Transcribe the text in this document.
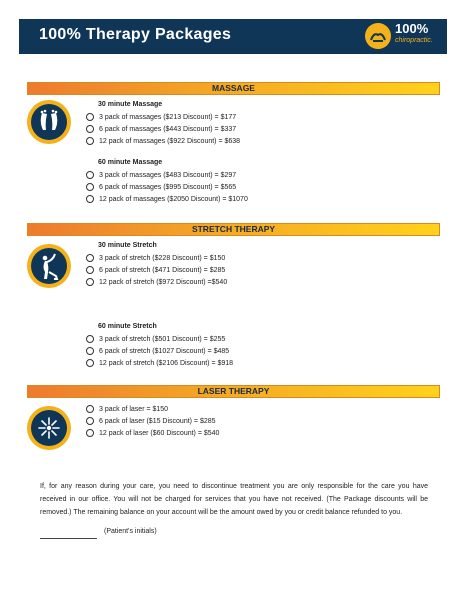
100% Therapy Packages	100%
chiropractic.
MASSAGE
30 minute Massage
3 pack of massages ($213 Discount) = $177
6 pack of massages ($443 Discount) = $337
12 pack of massages ($922 Discount) = $638
60 minute Massage
3 pack of massages ($483 Discount) = $297
6 pack of massages ($995 Discount) = $565
12 pack of massages ($2050 Discount) = $1070
STRETCH THERAPY
30 minute Stretch
3 pack of stretch ($228 Discount) = $150
6 pack of stretch ($471 Discount) = $285
12 pack of stretch ($972 Discount) =$540
60 minute Stretch
3 pack of stretch ($501 Discount) = $255
6 pack of stretch ($1027 Discount) = $485
12 pack of stretch ($2106 Discount) = $918
LASER THERAPY
3 pack of laser = $150
6 pack of laser ($15 Discount) = $285
12 pack of laser ($60 Discount) = $540
If, for any reason during your care, you need to discontinue treatment you are only responsible for the care you have received in our office. You will not be charged for services that you have not received. (The Package discounts will be removed.) The remaining balance on your account will be the amount owed by you or credit balance refunded to you.
(Patient's initials)
